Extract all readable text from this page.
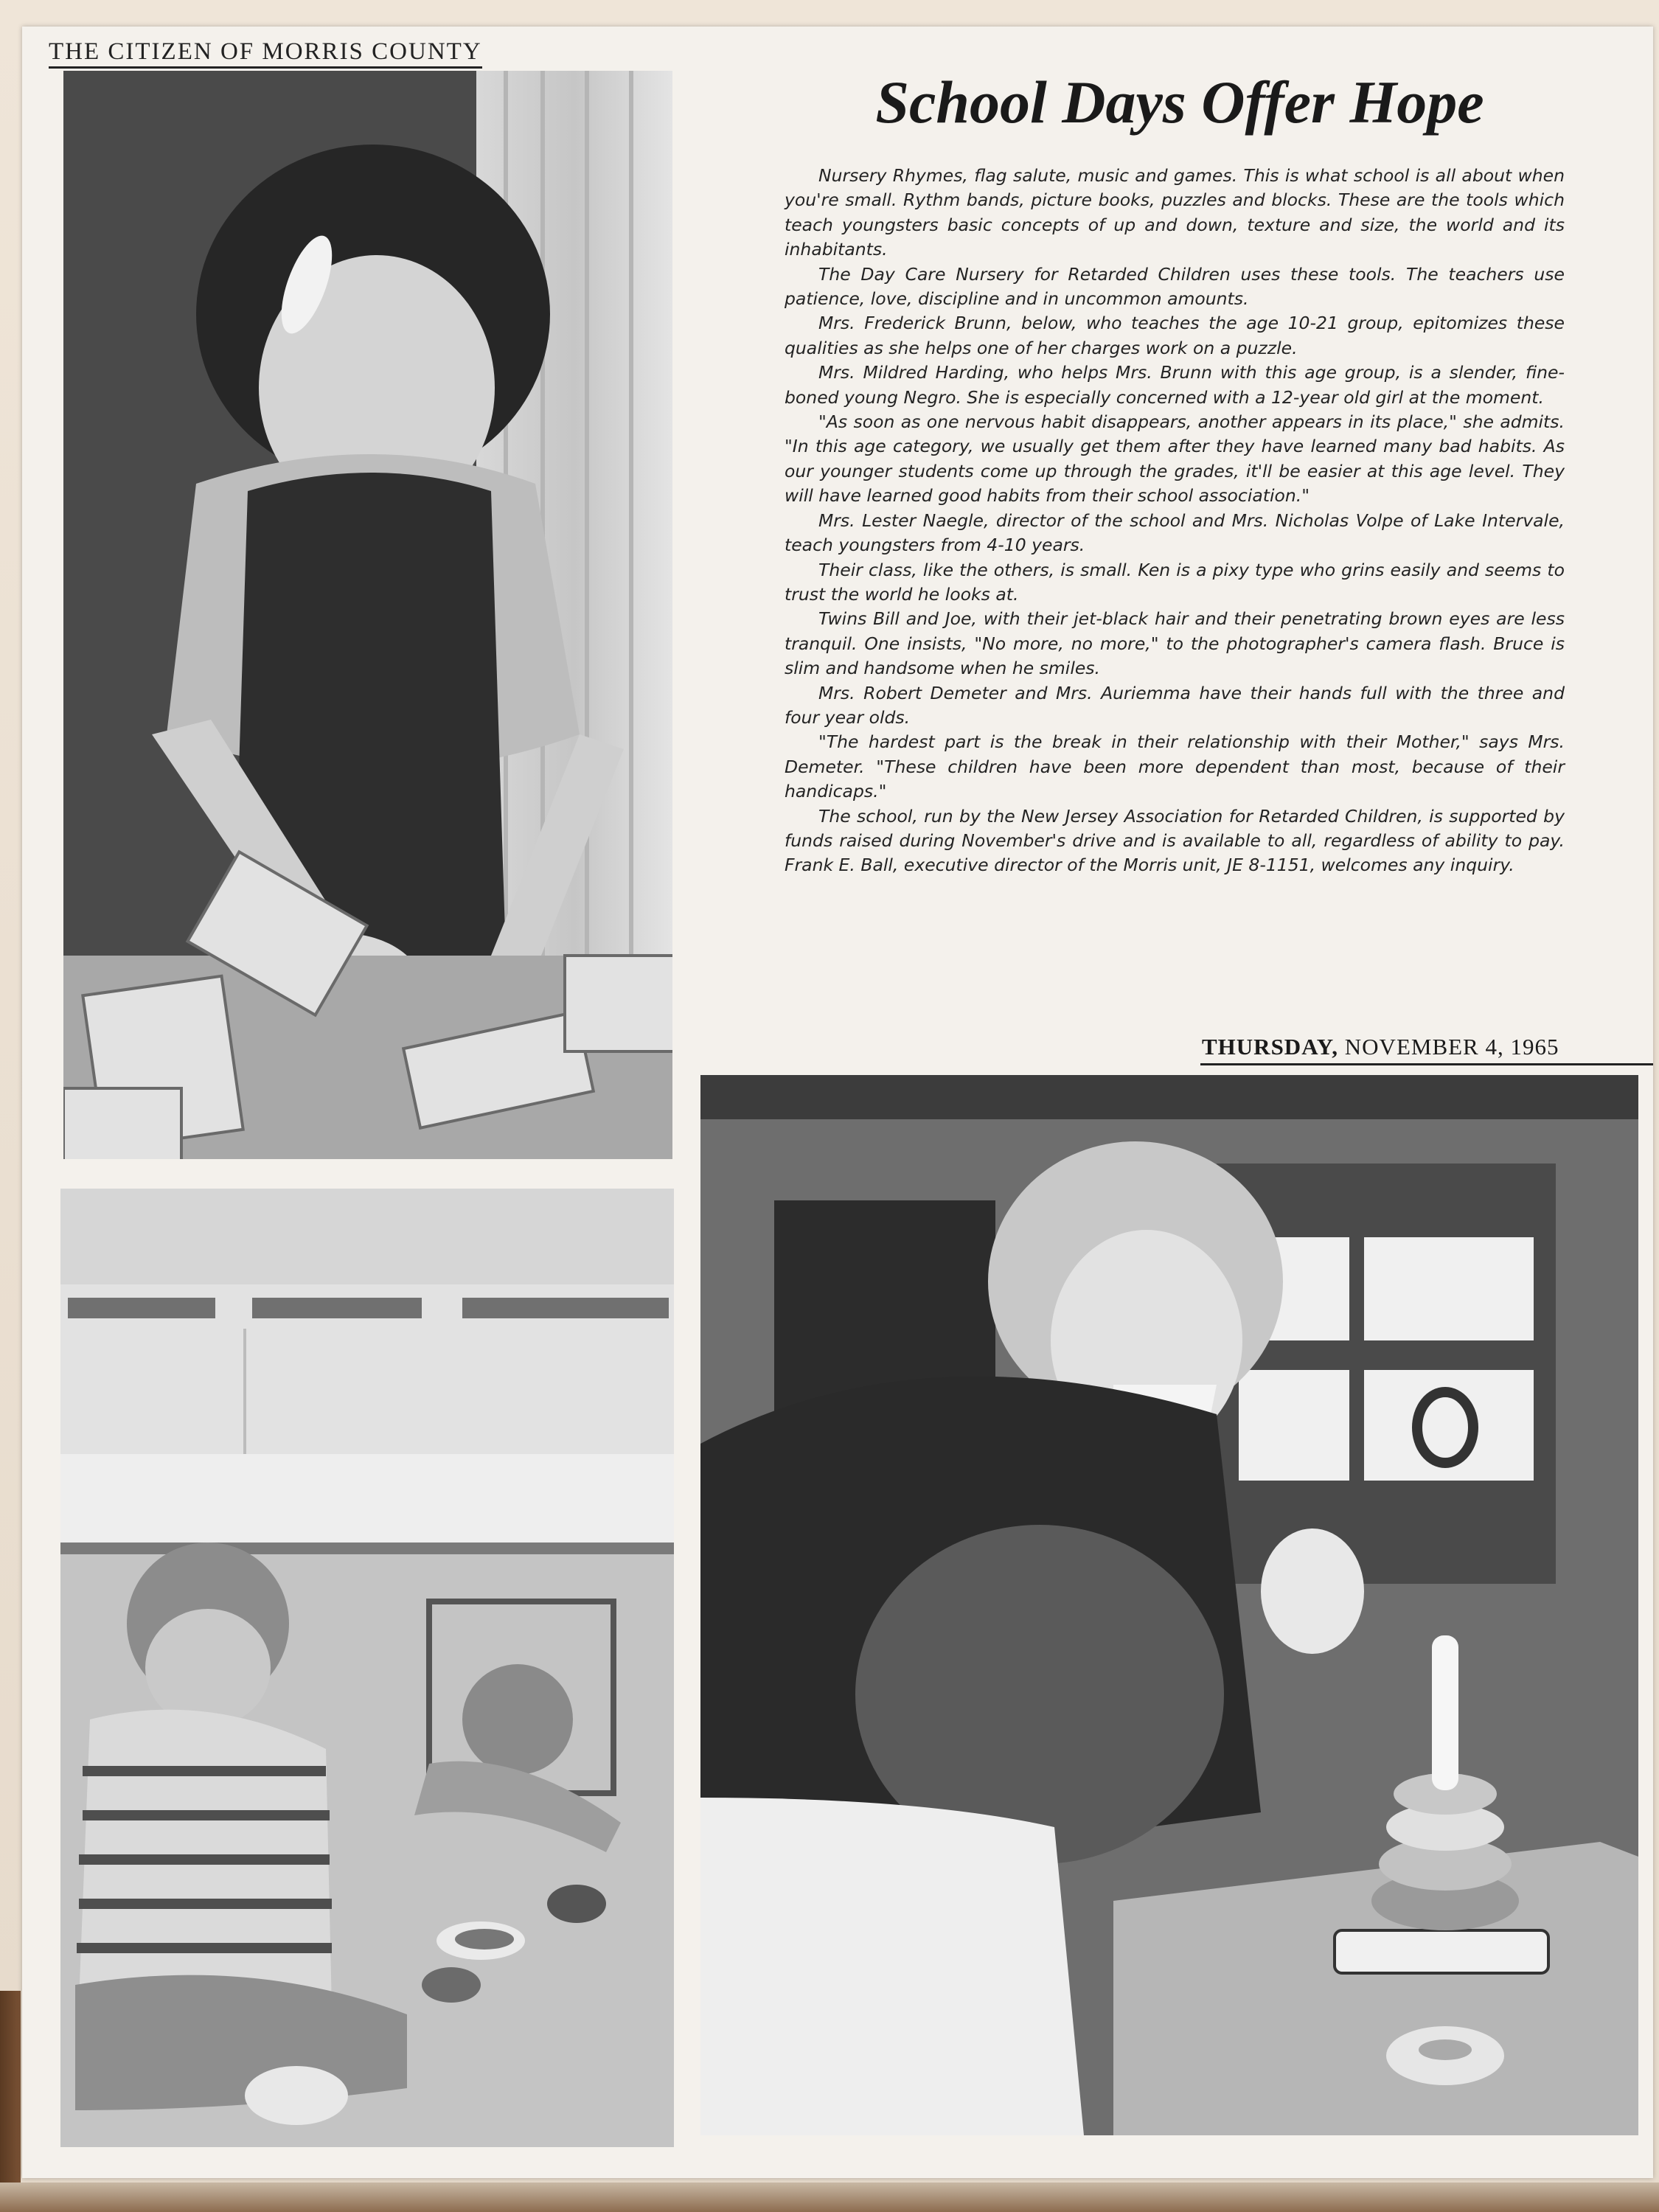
THE CITIZEN OF MORRIS COUNTY
School Days Offer Hope

Nursery Rhymes, flag salute, music and games. This is what school is all about when you're small. Rythm bands, picture books, puzzles and blocks. These are the tools which teach youngsters basic concepts of up and down, texture and size, the world and its inhabitants.

The Day Care Nursery for Retarded Children uses these tools. The teachers use patience, love, discipline and in uncommon amounts.

Mrs. Frederick Brunn, below, who teaches the age 10-21 group, epitomizes these qualities as she helps one of her charges work on a puzzle.

Mrs. Mildred Harding, who helps Mrs. Brunn with this age group, is a slender, fine-boned young Negro. She is especially concerned with a 12-year old girl at the moment.

"As soon as one nervous habit disappears, another appears in its place," she admits. "In this age category, we usually get them after they have learned many bad habits. As our younger students come up through the grades, it'll be easier at this age level. They will have learned good habits from their school association."

Mrs. Lester Naegle, director of the school and Mrs. Nicholas Volpe of Lake Intervale, teach youngsters from 4-10 years.

Their class, like the others, is small. Ken is a pixy type who grins easily and seems to trust the world he looks at.

Twins Bill and Joe, with their jet-black hair and their penetrating brown eyes are less tranquil. One insists, "No more, no more," to the photographer's camera flash. Bruce is slim and handsome when he smiles.

Mrs. Robert Demeter and Mrs. Auriemma have their hands full with the three and four year olds.

"The hardest part is the break in their relationship with their Mother," says Mrs. Demeter. "These children have been more dependent than most, because of their handicaps."

The school, run by the New Jersey Association for Retarded Children, is supported by funds raised during November's drive and is available to all, regardless of ability to pay. Frank E. Ball, executive director of the Morris unit, JE 8-1151, welcomes any inquiry.

THURSDAY, NOVEMBER 4, 1965
